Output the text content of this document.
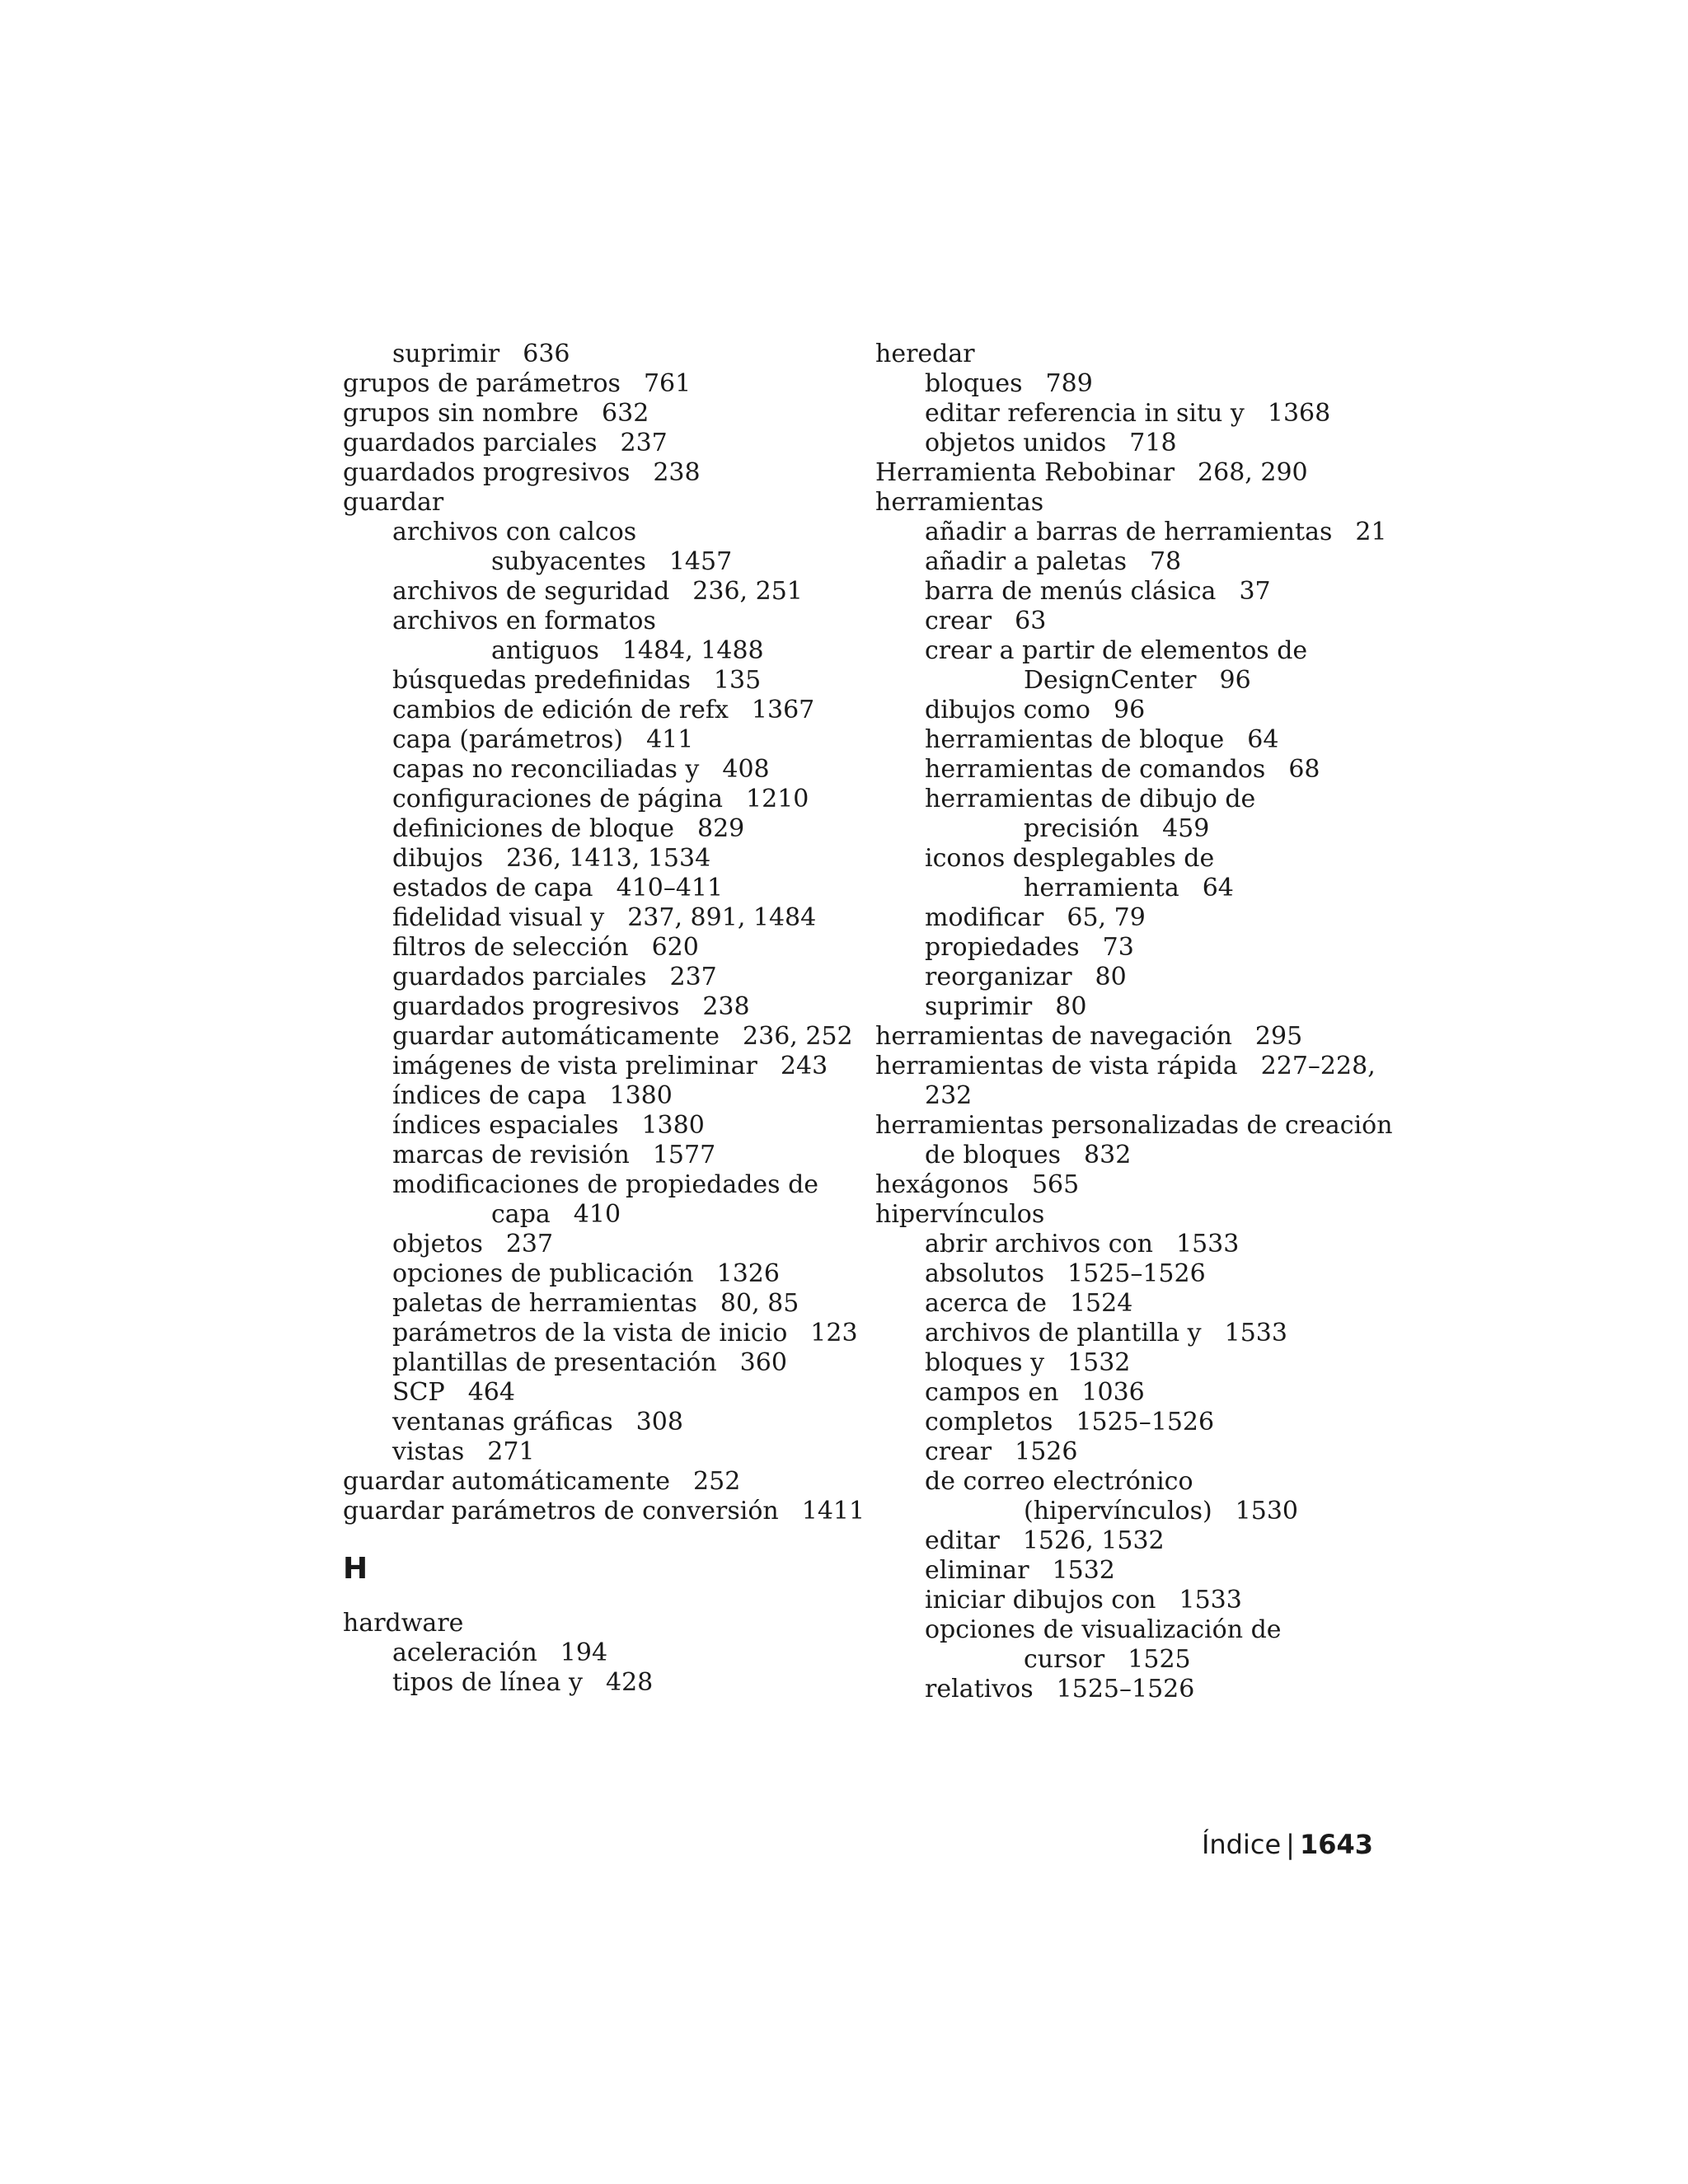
suprimir 636
grupos de parámetros 761
grupos sin nombre 632
guardados parciales 237
guardados progresivos 238
guardar
archivos con calcos
subyacentes 1457
archivos de seguridad 236, 251
archivos en formatos
antiguos 1484, 1488
búsquedas predefinidas 135
cambios de edición de refx 1367
capa (parámetros) 411
capas no reconciliadas y 408
configuraciones de página 1210
definiciones de bloque 829
dibujos 236, 1413, 1534
estados de capa 410–411
fidelidad visual y 237, 891, 1484
filtros de selección 620
guardados parciales 237
guardados progresivos 238
guardar automáticamente 236, 252
imágenes de vista preliminar 243
índices de capa 1380
índices espaciales 1380
marcas de revisión 1577
modificaciones de propiedades de
capa 410
objetos 237
opciones de publicación 1326
paletas de herramientas 80, 85
parámetros de la vista de inicio 123
plantillas de presentación 360
SCP 464
ventanas gráficas 308
vistas 271
guardar automáticamente 252
guardar parámetros de conversión 1411
H
hardware
aceleración 194
tipos de línea y 428
heredar
bloques 789
editar referencia in situ y 1368
objetos unidos 718
Herramienta Rebobinar 268, 290
herramientas
añadir a barras de herramientas 21
añadir a paletas 78
barra de menús clásica 37
crear 63
crear a partir de elementos de
DesignCenter 96
dibujos como 96
herramientas de bloque 64
herramientas de comandos 68
herramientas de dibujo de
precisión 459
iconos desplegables de
herramienta 64
modificar 65, 79
propiedades 73
reorganizar 80
suprimir 80
herramientas de navegación 295
herramientas de vista rápida 227–228,
232
herramientas personalizadas de creación
de bloques 832
hexágonos 565
hipervínculos
abrir archivos con 1533
absolutos 1525–1526
acerca de 1524
archivos de plantilla y 1533
bloques y 1532
campos en 1036
completos 1525–1526
crear 1526
de correo electrónico
(hipervínculos) 1530
editar 1526, 1532
eliminar 1532
iniciar dibujos con 1533
opciones de visualización de
cursor 1525
relativos 1525–1526
Índice | 1643
